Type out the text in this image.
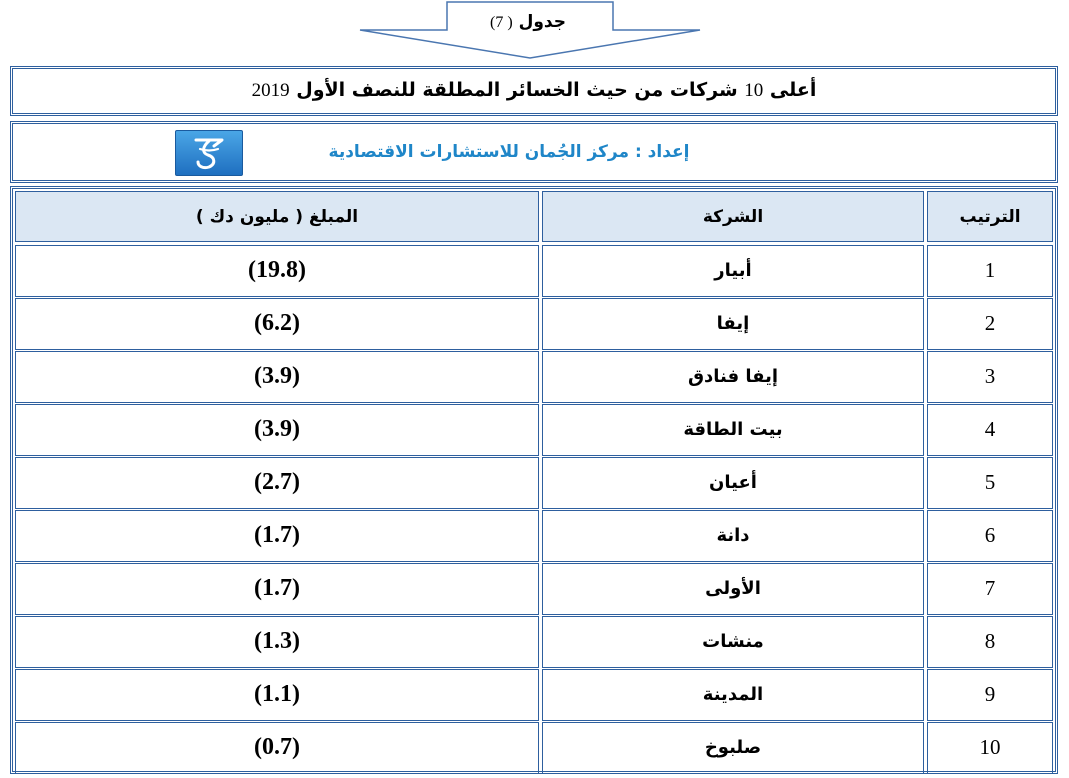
جدول ( 7)
أعلى 10 شركات من حيث الخسائر المطلقة للنصف الأول 2019
إعداد : مركز الجُمان للاستشارات الاقتصادية
المبلغ ( مليون دك )	الشركة	الترتيب
(19.8)	أبيار	1
(6.2)	إيفا	2
(3.9)	إيفا فنادق	3
(3.9)	بيت الطاقة	4
(2.7)	أعيان	5
(1.7)	دانة	6
(1.7)	الأولى	7
(1.3)	منشات	8
(1.1)	المدينة	9
(0.7)	صلبوخ	10
